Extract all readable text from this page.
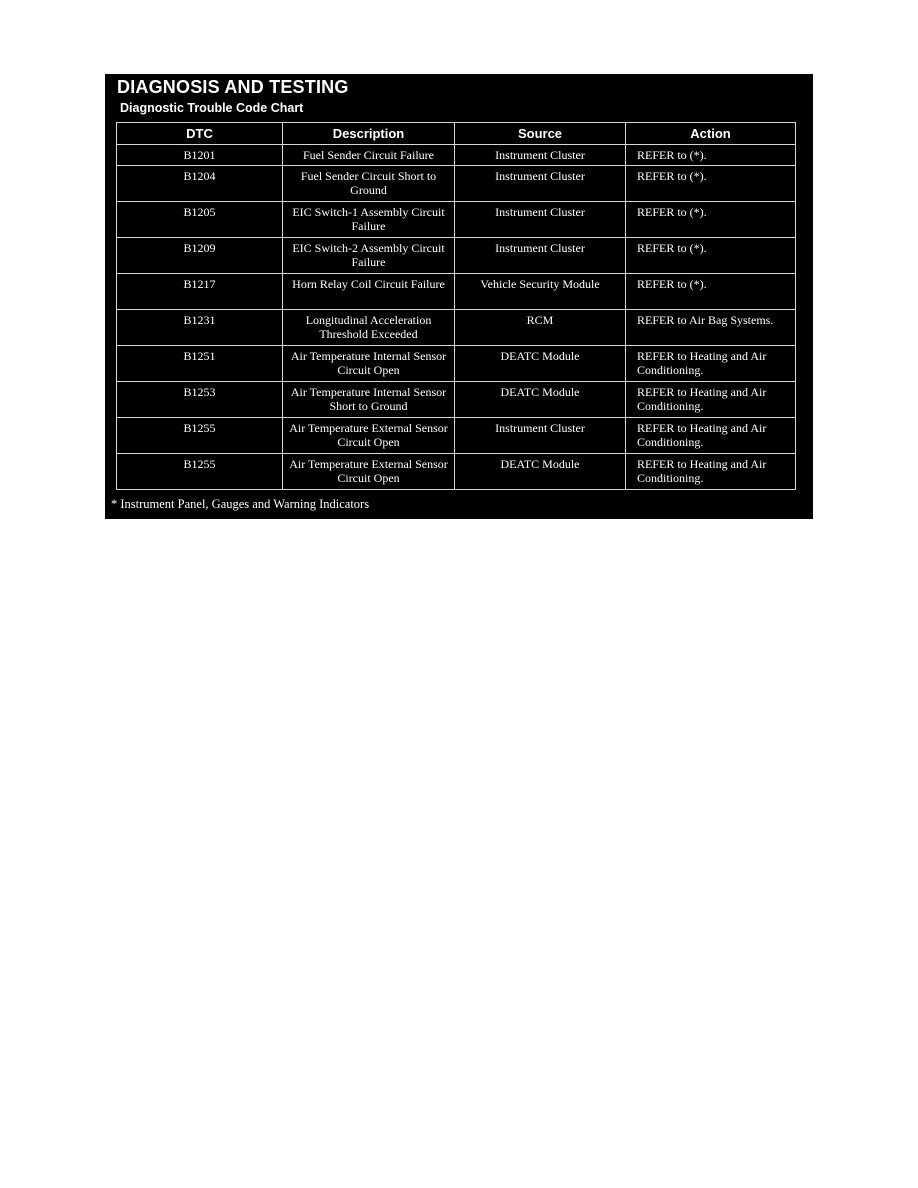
DIAGNOSIS AND TESTING
Diagnostic Trouble Code Chart
DTC	Description	Source	Action
B1201	Fuel Sender Circuit Failure	Instrument Cluster	REFER to (*).
B1204	Fuel Sender Circuit Short to Ground	Instrument Cluster	REFER to (*).
B1205	EIC Switch-1 Assembly Circuit Failure	Instrument Cluster	REFER to (*).
B1209	EIC Switch-2 Assembly Circuit Failure	Instrument Cluster	REFER to (*).
B1217	Horn Relay Coil Circuit Failure	Vehicle Security Module	REFER to (*).
B1231	Longitudinal Acceleration Threshold Exceeded	RCM	REFER to Air Bag Systems.
B1251	Air Temperature Internal Sensor Circuit Open	DEATC Module	REFER to Heating and Air Conditioning.
B1253	Air Temperature Internal Sensor Short to Ground	DEATC Module	REFER to Heating and Air Conditioning.
B1255	Air Temperature External Sensor Circuit Open	Instrument Cluster	REFER to Heating and Air Conditioning.
B1255	Air Temperature External Sensor Circuit Open	DEATC Module	REFER to Heating and Air Conditioning.
* Instrument Panel, Gauges and Warning Indicators
